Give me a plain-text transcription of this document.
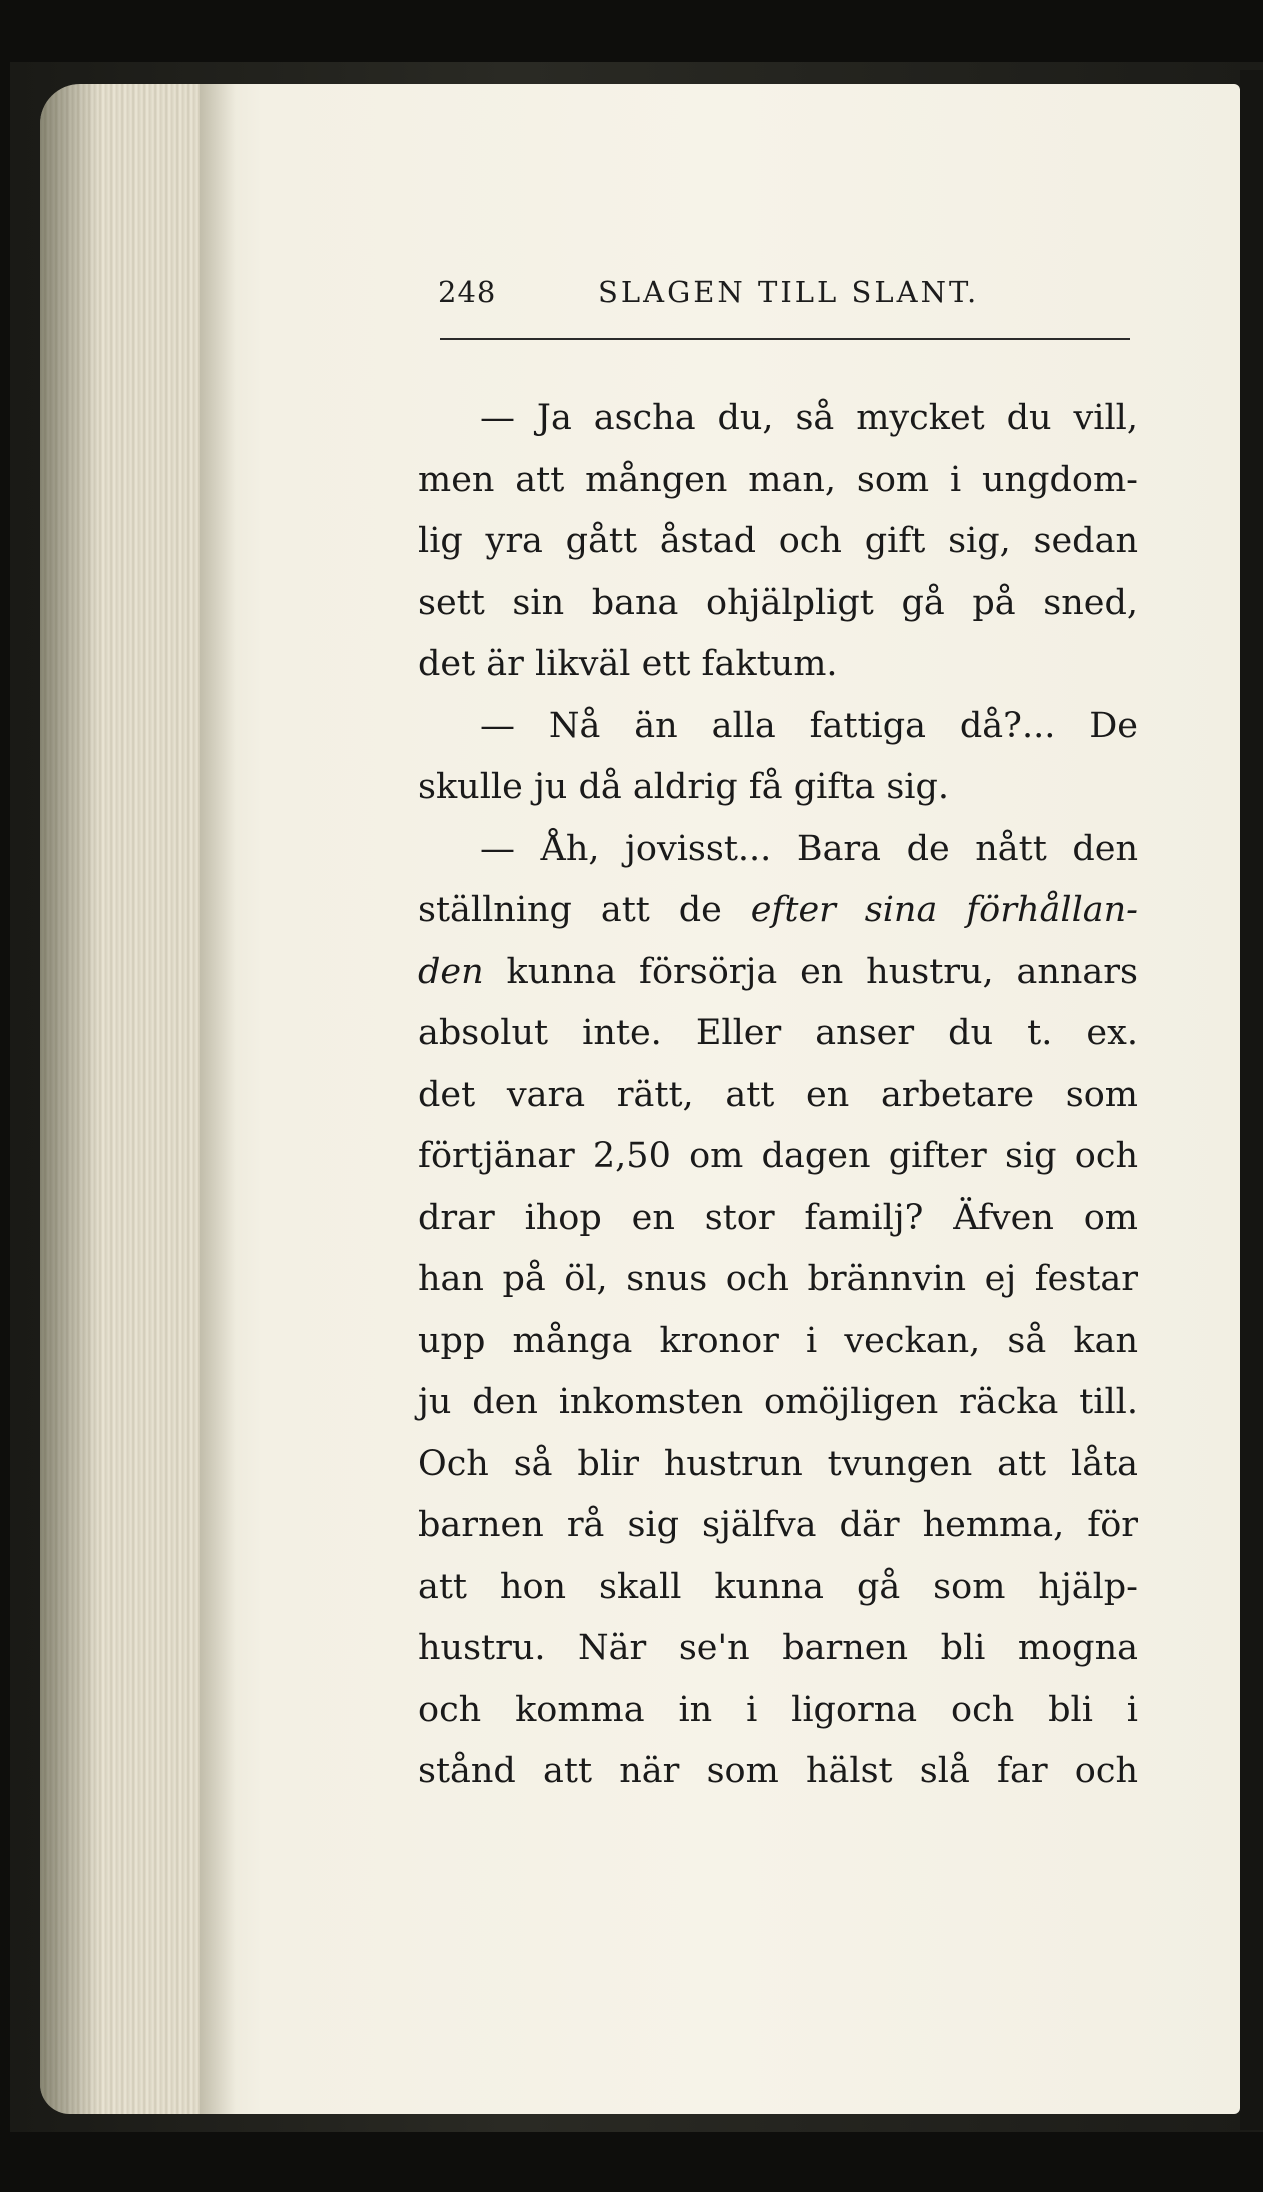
248	SLAGEN TILL SLANT.
— Ja ascha du, så mycket du vill,
men att mången man, som i ungdom-
lig yra gått åstad och gift sig, sedan
sett sin bana ohjälpligt gå på sned,
det är likväl ett faktum.
— Nå än alla fattiga då?... De
skulle ju då aldrig få gifta sig.
— Åh, jovisst... Bara de nått den
ställning att de efter sina förhållan-
den kunna försörja en hustru, annars
absolut inte. Eller anser du t. ex.
det vara rätt, att en arbetare som
förtjänar 2,50 om dagen gifter sig och
drar ihop en stor familj? Äfven om
han på öl, snus och brännvin ej festar
upp många kronor i veckan, så kan
ju den inkomsten omöjligen räcka till.
Och så blir hustrun tvungen att låta
barnen rå sig själfva där hemma, för
att hon skall kunna gå som hjälp-
hustru. När se'n barnen bli mogna
och komma in i ligorna och bli i
stånd att när som hälst slå far och
